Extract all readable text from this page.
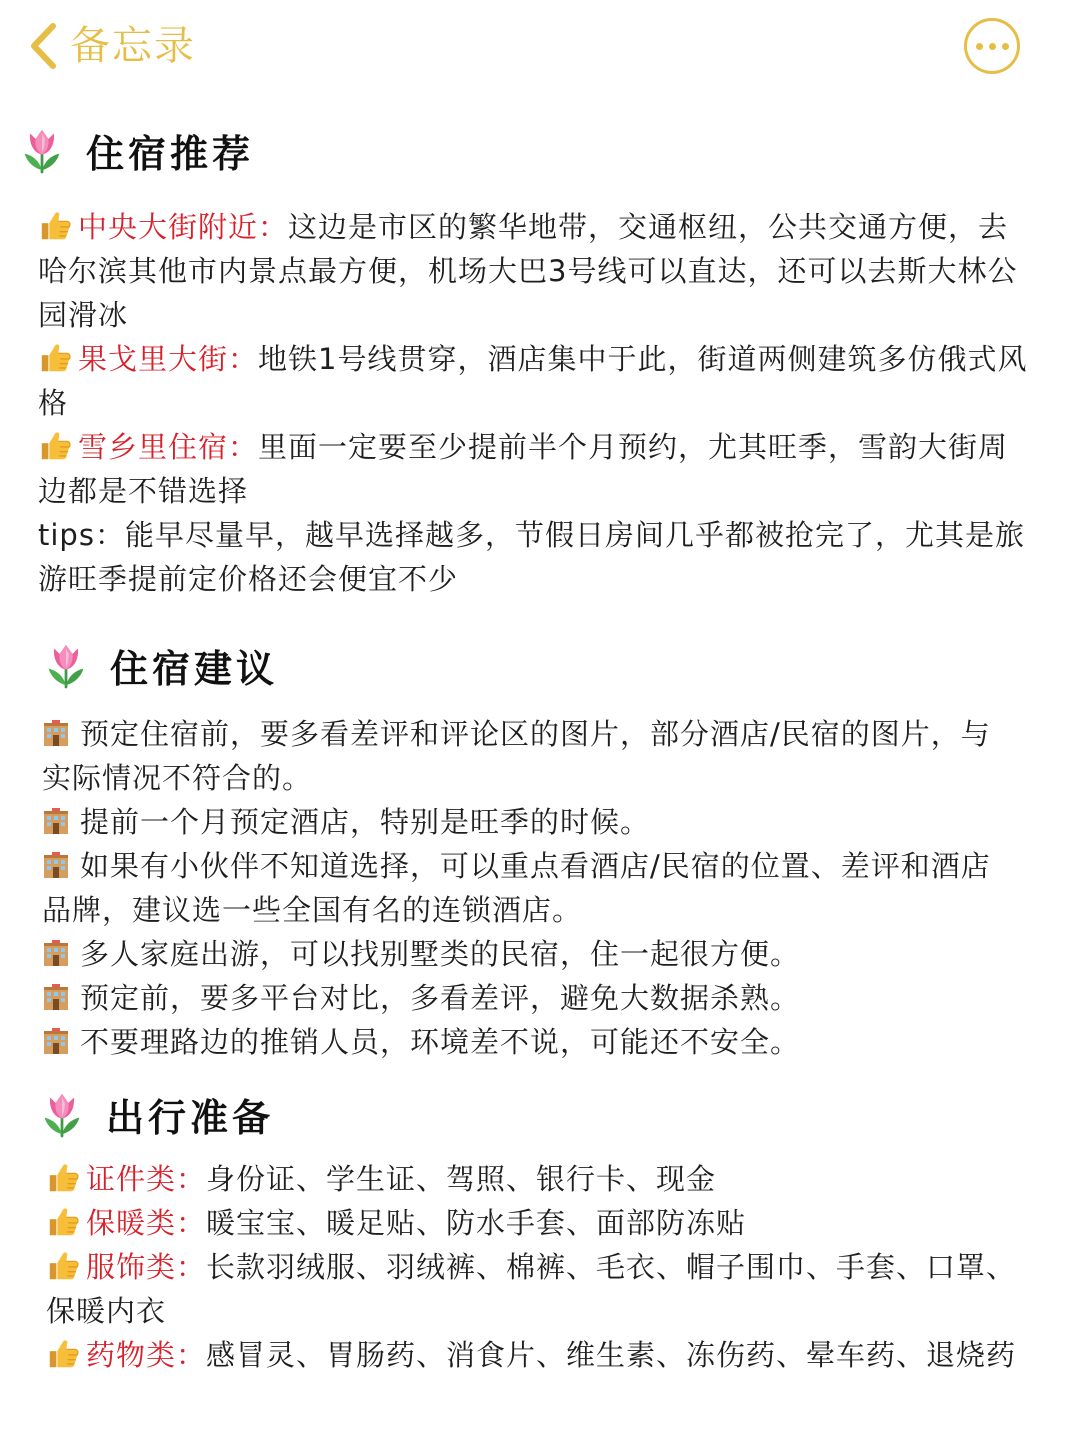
备忘录
住宿推荐

中央大街附近：这边是市区的繁华地带，交通枢纽，公共交通方便，去哈尔滨其他市内景点最方便，机场大巴3号线可以直达，还可以去斯大林公园滑冰

果戈里大街：地铁1号线贯穿，酒店集中于此，街道两侧建筑多仿俄式风格

雪乡里住宿：里面一定要至少提前半个月预约，尤其旺季，雪韵大街周边都是不错选择

tips：能早尽量早，越早选择越多，节假日房间几乎都被抢完了，尤其是旅游旺季提前定价格还会便宜不少

住宿建议

预定住宿前，要多看差评和评论区的图片，部分酒店/民宿的图片，与实际情况不符合的。

提前一个月预定酒店，特别是旺季的时候。

如果有小伙伴不知道选择，可以重点看酒店/民宿的位置、差评和酒店品牌，建议选一些全国有名的连锁酒店。

多人家庭出游，可以找别墅类的民宿，住一起很方便。

预定前，要多平台对比，多看差评，避免大数据杀熟。

不要理路边的推销人员，环境差不说，可能还不安全。

出行准备

证件类：身份证、学生证、驾照、银行卡、现金

保暖类：暖宝宝、暖足贴、防水手套、面部防冻贴

服饰类：长款羽绒服、羽绒裤、棉裤、毛衣、帽子围巾、手套、口罩、保暖内衣

药物类：感冒灵、胃肠药、消食片、维生素、冻伤药、晕车药、退烧药
